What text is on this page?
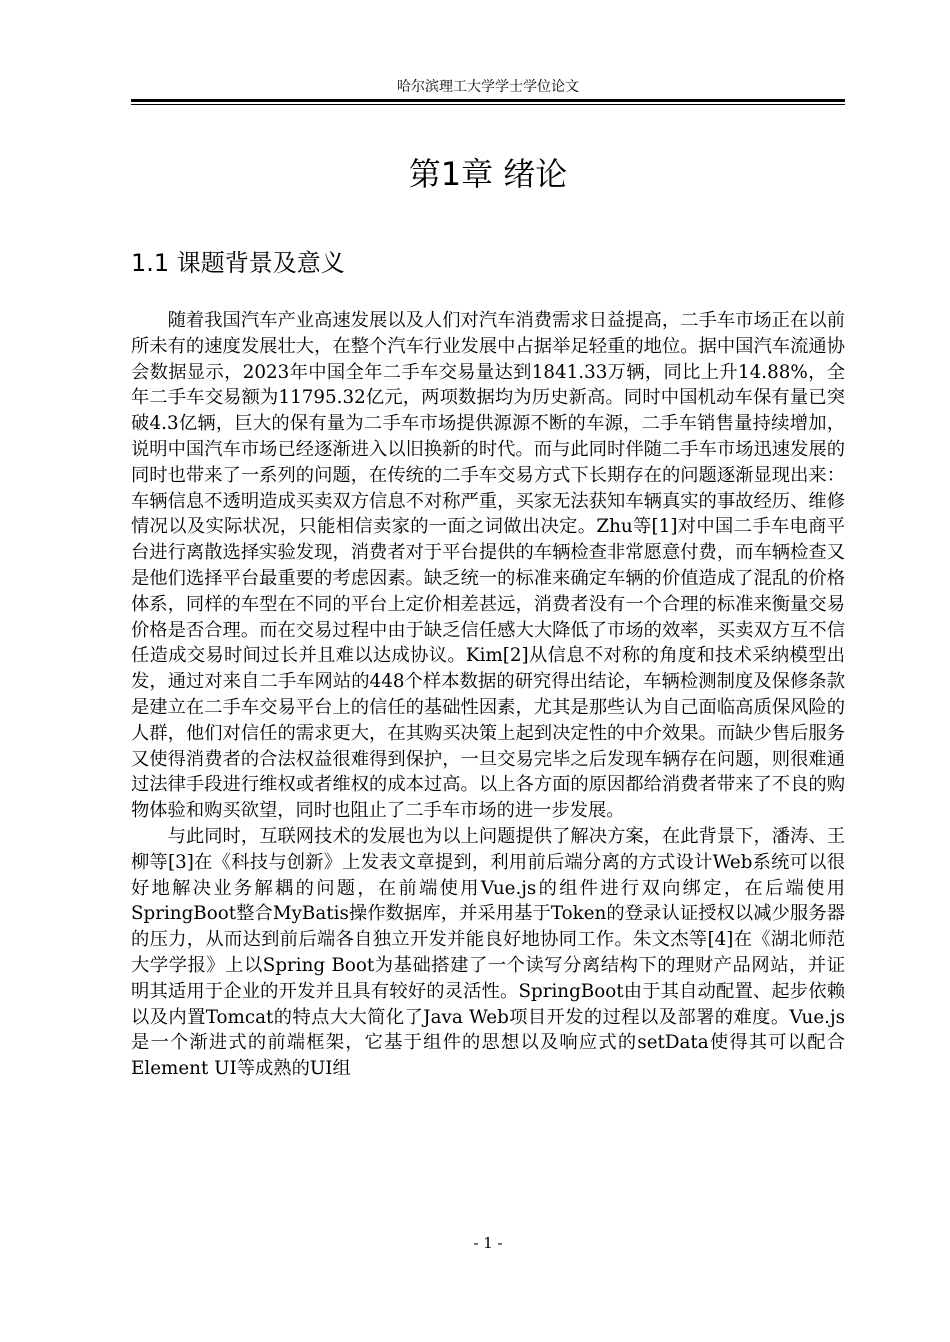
哈尔滨理工大学学士学位论文
第1章 绪论
1.1 课题背景及意义

随着我国汽车产业高速发展以及人们对汽车消费需求日益提高，二手车市场正在以前所未有的速度发展壮大，在整个汽车行业发展中占据举足轻重的地位。据中国汽车流通协会数据显示，2023年中国全年二手车交易量达到1841.33万辆，同比上升14.88%，全年二手车交易额为11795.32亿元，两项数据均为历史新高。同时中国机动车保有量已突破4.3亿辆，巨大的保有量为二手车市场提供源源不断的车源，二手车销售量持续增加，说明中国汽车市场已经逐渐进入以旧换新的时代。而与此同时伴随二手车市场迅速发展的同时也带来了一系列的问题，在传统的二手车交易方式下长期存在的问题逐渐显现出来：车辆信息不透明造成买卖双方信息不对称严重，买家无法获知车辆真实的事故经历、维修情况以及实际状况，只能相信卖家的一面之词做出决定。Zhu等[1]对中国二手车电商平台进行离散选择实验发现，消费者对于平台提供的车辆检查非常愿意付费，而车辆检查又是他们选择平台最重要的考虑因素。缺乏统一的标准来确定车辆的价值造成了混乱的价格体系，同样的车型在不同的平台上定价相差甚远，消费者没有一个合理的标准来衡量交易价格是否合理。而在交易过程中由于缺乏信任感大大降低了市场的效率，买卖双方互不信任造成交易时间过长并且难以达成协议。Kim[2]从信息不对称的角度和技术采纳模型出发，通过对来自二手车网站的448个样本数据的研究得出结论，车辆检测制度及保修条款是建立在二手车交易平台上的信任的基础性因素，尤其是那些认为自己面临高质保风险的人群，他们对信任的需求更大，在其购买决策上起到决定性的中介效果。而缺少售后服务又使得消费者的合法权益很难得到保护，一旦交易完毕之后发现车辆存在问题，则很难通过法律手段进行维权或者维权的成本过高。以上各方面的原因都给消费者带来了不良的购物体验和购买欲望，同时也阻止了二手车市场的进一步发展。

与此同时，互联网技术的发展也为以上问题提供了解决方案，在此背景下，潘涛、王柳等[3]在《科技与创新》上发表文章提到，利用前后端分离的方式设计Web系统可以很好地解决业务解耦的问题，在前端使用Vue.js的组件进行双向绑定，在后端使用SpringBoot整合MyBatis操作数据库，并采用基于Token的登录认证授权以减少服务器的压力，从而达到前后端各自独立开发并能良好地协同工作。朱文杰等[4]在《湖北师范大学学报》上以Spring Boot为基础搭建了一个读写分离结构下的理财产品网站，并证明其适用于企业的开发并且具有较好的灵活性。SpringBoot由于其自动配置、起步依赖以及内置Tomcat的特点大大简化了Java Web项目开发的过程以及部署的难度。Vue.js是一个渐进式的前端框架，它基于组件的思想以及响应式的setData使得其可以配合Element UI等成熟的UI组

- 1 -
